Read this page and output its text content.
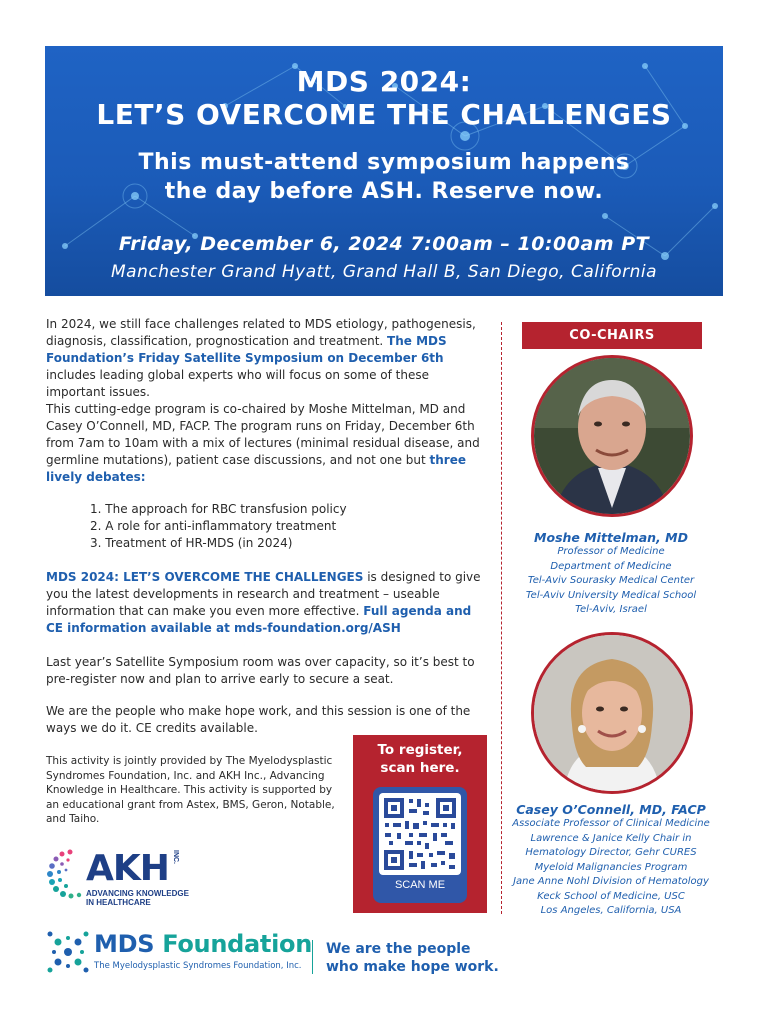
MDS 2024:
LET’S OVERCOME THE CHALLENGES
This must-attend symposium happens
the day before ASH. Reserve now.
Friday, December 6, 2024 7:00am – 10:00am PT
Manchester Grand Hyatt, Grand Hall B, San Diego, California
In 2024, we still face challenges related to MDS etiology, pathogenesis, diagnosis, classification, prognostication and treatment. The MDS Foundation’s Friday Satellite Symposium on December 6th includes leading global experts who will focus on some of these important issues.
This cutting-edge program is co-chaired by Moshe Mittelman, MD and Casey O’Connell, MD, FACP. The program runs on Friday, December 6th from 7am to 10am with a mix of lectures (minimal residual disease, and germline mutations), patient case discussions, and not one but three lively debates:
1. The approach for RBC transfusion policy
2. A role for anti-inflammatory treatment
3. Treatment of HR-MDS (in 2024)
MDS 2024: LET’S OVERCOME THE CHALLENGES is designed to give you the latest developments in research and treatment – useable information that can make you even more effective. Full agenda and CE information available at mds-foundation.org/ASH
Last year’s Satellite Symposium room was over capacity, so it’s best to pre-register now and plan to arrive early to secure a seat.
We are the people who make hope work, and this session is one of the ways we do it. CE credits available.
This activity is jointly provided by The Myelodysplastic Syndromes Foundation, Inc. and AKH Inc., Advancing Knowledge in Healthcare. This activity is supported by an educational grant from Astex, BMS, Geron, Notable, and Taiho.
To register,
scan here.
SCAN ME
CO-CHAIRS
Moshe Mittelman, MD
Professor of Medicine
Department of Medicine
Tel-Aviv Sourasky Medical Center
Tel-Aviv University Medical School
Tel-Aviv, Israel
Casey O’Connell, MD, FACP
Associate Professor of Clinical Medicine
Lawrence & Janice Kelly Chair in
Hematology Director, Gehr CURES
Myeloid Malignancies Program
Jane Anne Nohl Division of Hematology
Keck School of Medicine, USC
Los Angeles, California, USA
AKH INC.
ADVANCING KNOWLEDGE
IN HEALTHCARE
MDS Foundation
The Myelodysplastic Syndromes Foundation, Inc.
We are the people
who make hope work.
